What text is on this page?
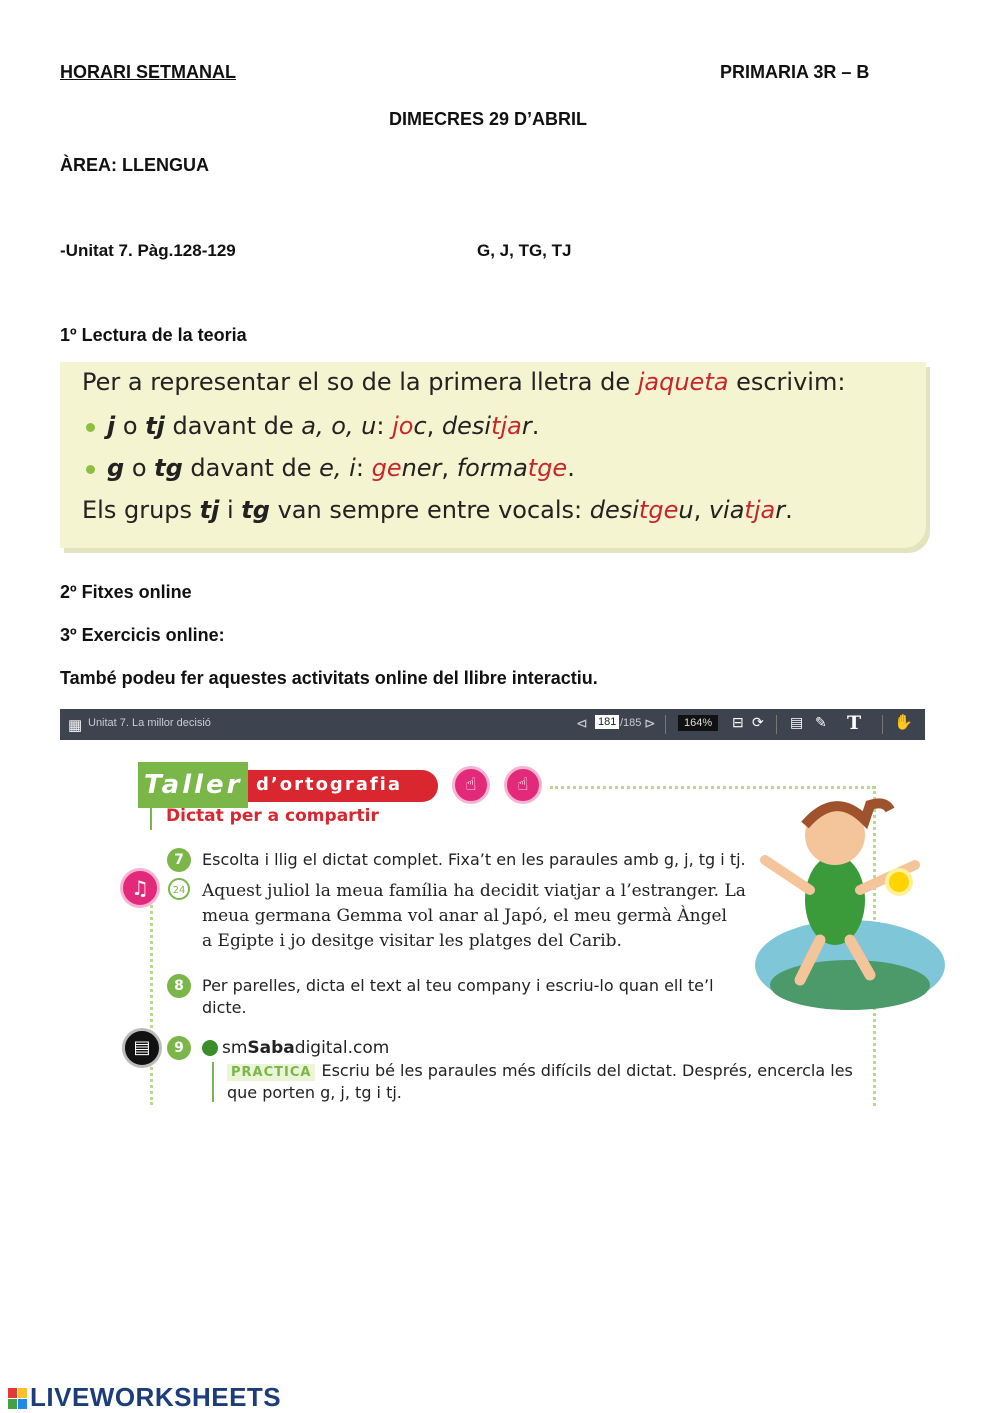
HORARI SETMANAL	PRIMARIA 3R – B
DIMECRES 29 D’ABRIL
ÀREA: LLENGUA
-Unitat 7. Pàg.128-129	G, J, TG, TJ
1º Lectura de la teoria
Per a representar el so de la primera lletra de jaqueta escrivim:
j o tj davant de a, o, u: joc, desitjar.
g o tg davant de e, i: gener, formatge.
Els grups tj i tg van sempre entre vocals: desitgeu, viatjar.
2º Fitxes online
3º Exercicis online:
També podeu fer aquestes activitats online del llibre interactiu.
▦ Unitat 7. La millor decisió	⊲ 181 /185 ⊳	164%	⊟ ⟳ ▤ ✎ T ✋
Taller d’ortografia
Dictat per a compartir
☝	☝
7	Escolta i llig el dictat complet. Fixa’t en les paraules amb g, j, tg i tj.
♫	24 Aquest juliol la meua família ha decidit viatjar a l’estranger. La
meua germana Gemma vol anar al Japó, el meu germà Àngel
a Egipte i jo desitge visitar les platges del Carib.
8	Per parelles, dicta el text al teu company i escriu-lo quan ell te’l
dicte.
▤	9	smSabadigital.com
PRACTICA Escriu bé les paraules més difícils del dictat. Després, encercla les
que porten g, j, tg i tj.
LIVEWORKSHEETS
